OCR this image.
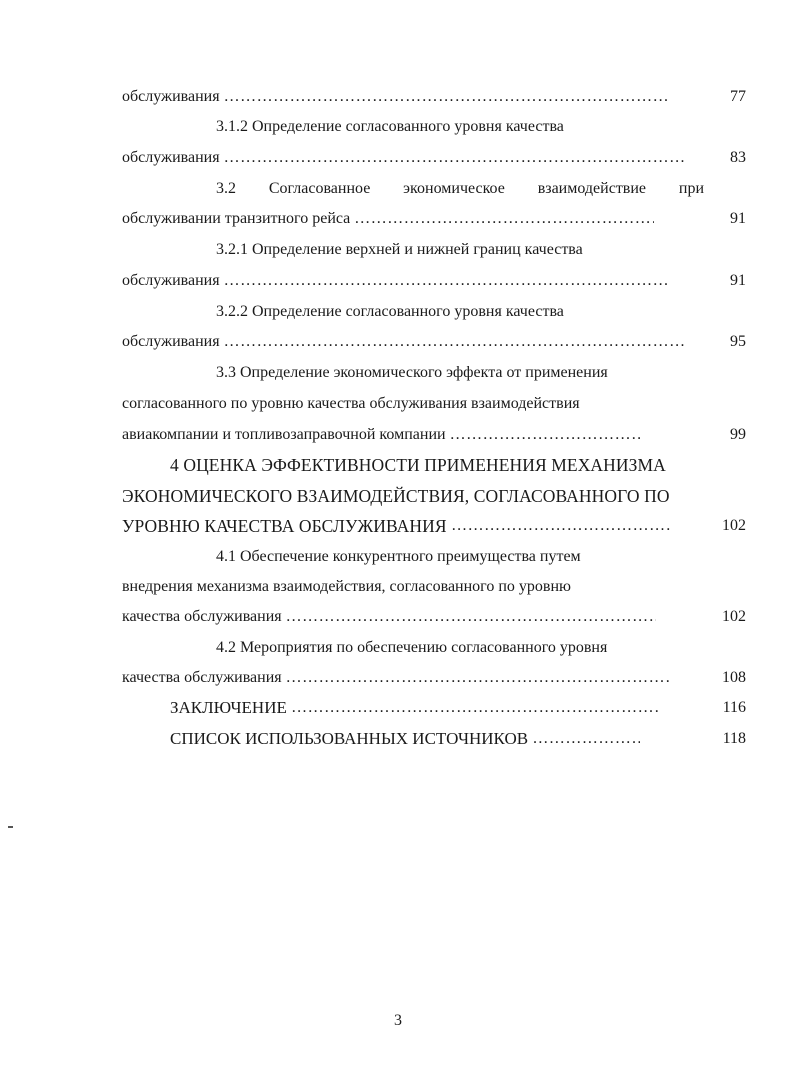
обслуживания ………………………………………………………………………………………………………………………………	77
3.1.2 Определение согласованного уровня качества
обслуживания ………………………………………………………………………………………………………………………………	83
3.2 Согласованное экономическое взаимодействие при
обслуживании транзитного рейса ………………………………………………………………………………………………………………………………	91
3.2.1 Определение верхней и нижней границ качества
обслуживания ………………………………………………………………………………………………………………………………	91
3.2.2 Определение согласованного уровня качества
обслуживания ………………………………………………………………………………………………………………………………	95
3.3 Определение экономического эффекта от применения
согласованного по уровню качества обслуживания взаимодействия
авиакомпании и топливозаправочной компании ………………………………………………………………………………………………………………………………	99
4 ОЦЕНКА ЭФФЕКТИВНОСТИ ПРИМЕНЕНИЯ МЕХАНИЗМА
ЭКОНОМИЧЕСКОГО ВЗАИМОДЕЙСТВИЯ, СОГЛАСОВАННОГО ПО
УРОВНЮ КАЧЕСТВА ОБСЛУЖИВАНИЯ ………………………………………………………………………………………………………………………………	102
4.1 Обеспечение конкурентного преимущества путем
внедрения механизма взаимодействия, согласованного по уровню
качества обслуживания ………………………………………………………………………………………………………………………………	102
4.2 Мероприятия по обеспечению согласованного уровня
качества обслуживания ………………………………………………………………………………………………………………………………	108
ЗАКЛЮЧЕНИЕ ………………………………………………………………………………………………………………………………	116
СПИСОК ИСПОЛЬЗОВАННЫХ ИСТОЧНИКОВ ………………………………………………………………………………………………………………………………	118
3
